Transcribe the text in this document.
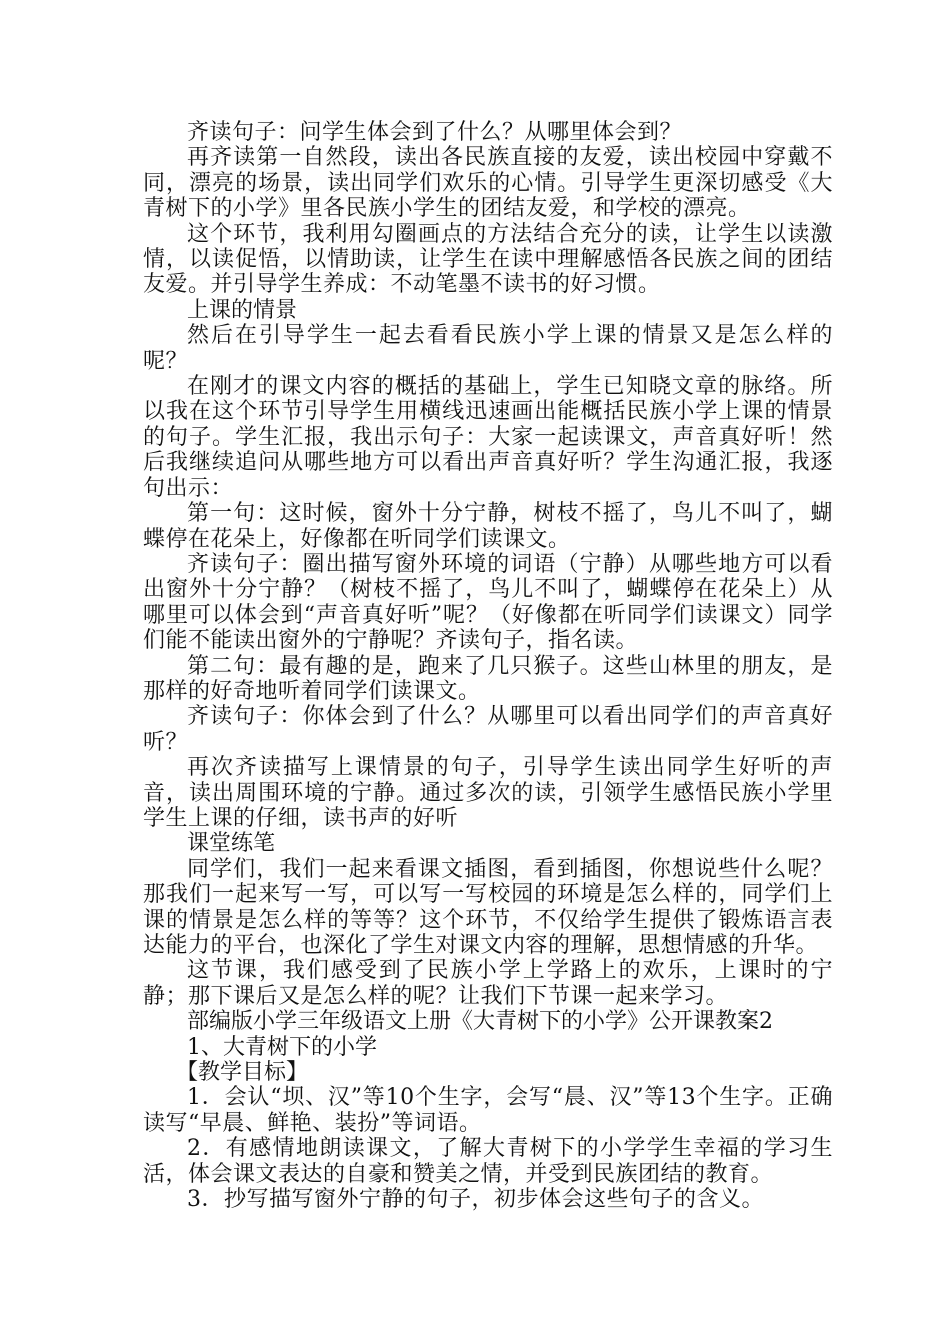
齐读句子：问学生体会到了什么？从哪里体会到？

再齐读第一自然段，读出各民族直接的友爱，读出校园中穿戴不同，漂亮的场景，读出同学们欢乐的心情。引导学生更深切感受《大青树下的小学》里各民族小学生的团结友爱，和学校的漂亮。

这个环节，我利用勾圈画点的方法结合充分的读，让学生以读激情，以读促悟，以情助读，让学生在读中理解感悟各民族之间的团结友爱。并引导学生养成：不动笔墨不读书的好习惯。

上课的情景

然后在引导学生一起去看看民族小学上课的情景又是怎么样的呢？

在刚才的课文内容的概括的基础上，学生已知晓文章的脉络。所以我在这个环节引导学生用横线迅速画出能概括民族小学上课的情景的句子。学生汇报，我出示句子：大家一起读课文，声音真好听！然后我继续追问从哪些地方可以看出声音真好听？学生沟通汇报，我逐句出示：

第一句：这时候，窗外十分宁静，树枝不摇了，鸟儿不叫了，蝴蝶停在花朵上，好像都在听同学们读课文。

齐读句子：圈出描写窗外环境的词语（宁静）从哪些地方可以看出窗外十分宁静？（树枝不摇了，鸟儿不叫了，蝴蝶停在花朵上）从哪里可以体会到“声音真好听”呢？（好像都在听同学们读课文）同学们能不能读出窗外的宁静呢？齐读句子，指名读。

第二句：最有趣的是，跑来了几只猴子。这些山林里的朋友，是那样的好奇地听着同学们读课文。

齐读句子：你体会到了什么？从哪里可以看出同学们的声音真好听？

再次齐读描写上课情景的句子，引导学生读出同学生好听的声音，读出周围环境的宁静。通过多次的读，引领学生感悟民族小学里学生上课的仔细，读书声的好听

课堂练笔

同学们，我们一起来看课文插图，看到插图，你想说些什么呢？那我们一起来写一写，可以写一写校园的环境是怎么样的，同学们上课的情景是怎么样的等等？这个环节，不仅给学生提供了锻炼语言表达能力的平台，也深化了学生对课文内容的理解，思想情感的升华。

这节课，我们感受到了民族小学上学路上的欢乐，上课时的宁静；那下课后又是怎么样的呢？让我们下节课一起来学习。

部编版小学三年级语文上册《大青树下的小学》公开课教案2

1、大青树下的小学

【教学目标】

1．会认“坝、汉”等10个生字，会写“晨、汉”等13个生字。正确读写“早晨、鲜艳、装扮”等词语。

2．有感情地朗读课文，了解大青树下的小学学生幸福的学习生活，体会课文表达的自豪和赞美之情，并受到民族团结的教育。

3．抄写描写窗外宁静的句子，初步体会这些句子的含义。
